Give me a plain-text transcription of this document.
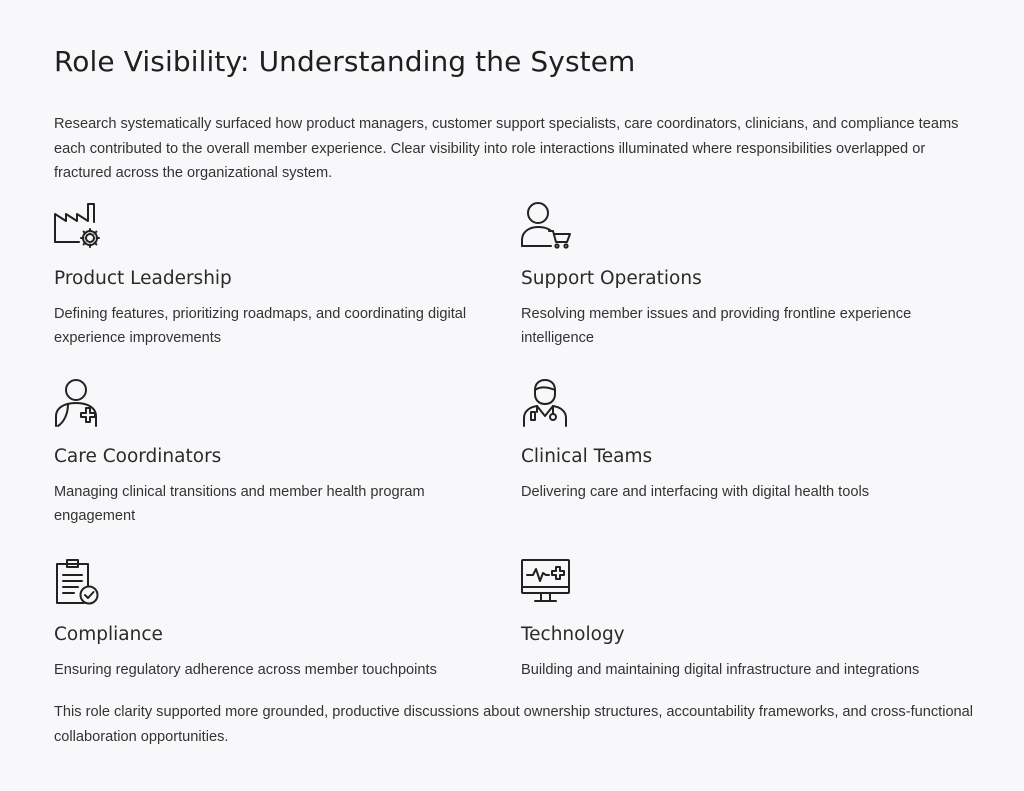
Role Visibility: Understanding the System

Research systematically surfaced how product managers, customer support specialists, care coordinators, clinicians, and compliance teams each contributed to the overall member experience. Clear visibility into role interactions illuminated where responsibilities overlapped or fractured across the organizational system.

Product Leadership

Defining features, prioritizing roadmaps, and coordinating digital experience improvements

Support Operations

Resolving member issues and providing frontline experience intelligence

Care Coordinators

Managing clinical transitions and member health program engagement

Clinical Teams

Delivering care and interfacing with digital health tools

Compliance

Ensuring regulatory adherence across member touchpoints

Technology

Building and maintaining digital infrastructure and integrations

This role clarity supported more grounded, productive discussions about ownership structures, accountability frameworks, and cross-functional collaboration opportunities.
